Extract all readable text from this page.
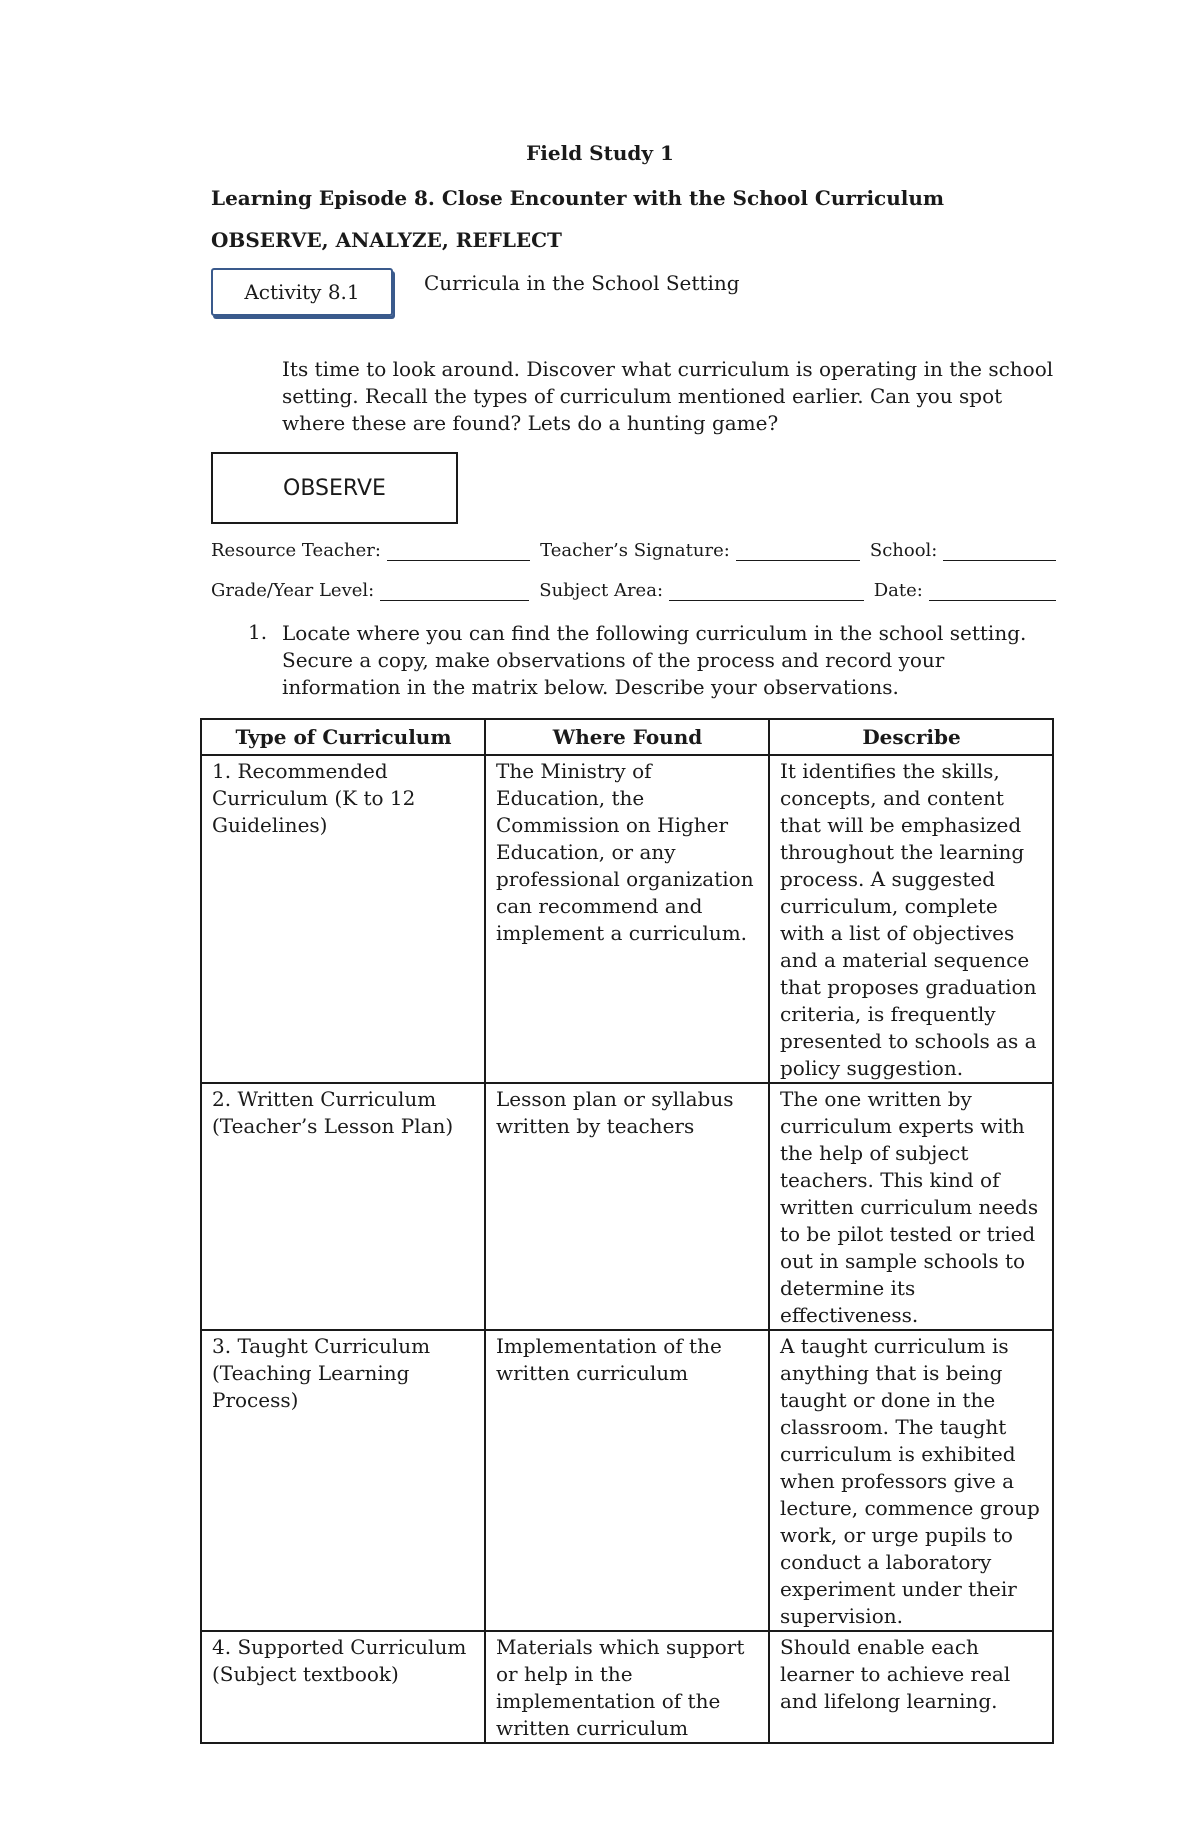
Field Study 1
Learning Episode 8. Close Encounter with the School Curriculum
OBSERVE, ANALYZE, REFLECT
Activity 8.1	Curricula in the School Setting
Its time to look around. Discover what curriculum is operating in the school setting. Recall the types of curriculum mentioned earlier. Can you spot where these are found? Lets do a hunting game?
OBSERVE
Resource Teacher:	Teacher’s Signature:	School:
Grade/Year Level:	Subject Area:	Date:
1. Locate where you can find the following curriculum in the school setting. Secure a copy, make observations of the process and record your information in the matrix below. Describe your observations.
Type of Curriculum	Where Found	Describe
1. Recommended Curriculum (K to 12 Guidelines)	The Ministry of Education, the Commission on Higher Education, or any professional organization can recommend and implement a curriculum.	It identifies the skills, concepts, and content that will be emphasized throughout the learning process. A suggested curriculum, complete with a list of objectives and a material sequence that proposes graduation criteria, is frequently presented to schools as a policy suggestion.
2. Written Curriculum (Teacher’s Lesson Plan)	Lesson plan or syllabus written by teachers	The one written by curriculum experts with the help of subject teachers. This kind of written curriculum needs to be pilot tested or tried out in sample schools to determine its effectiveness.
3. Taught Curriculum (Teaching Learning Process)	Implementation of the written curriculum	A taught curriculum is anything that is being taught or done in the classroom. The taught curriculum is exhibited when professors give a lecture, commence group work, or urge pupils to conduct a laboratory experiment under their supervision.
4. Supported Curriculum (Subject textbook)	Materials which support or help in the implementation of the written curriculum	Should enable each learner to achieve real and lifelong learning.
